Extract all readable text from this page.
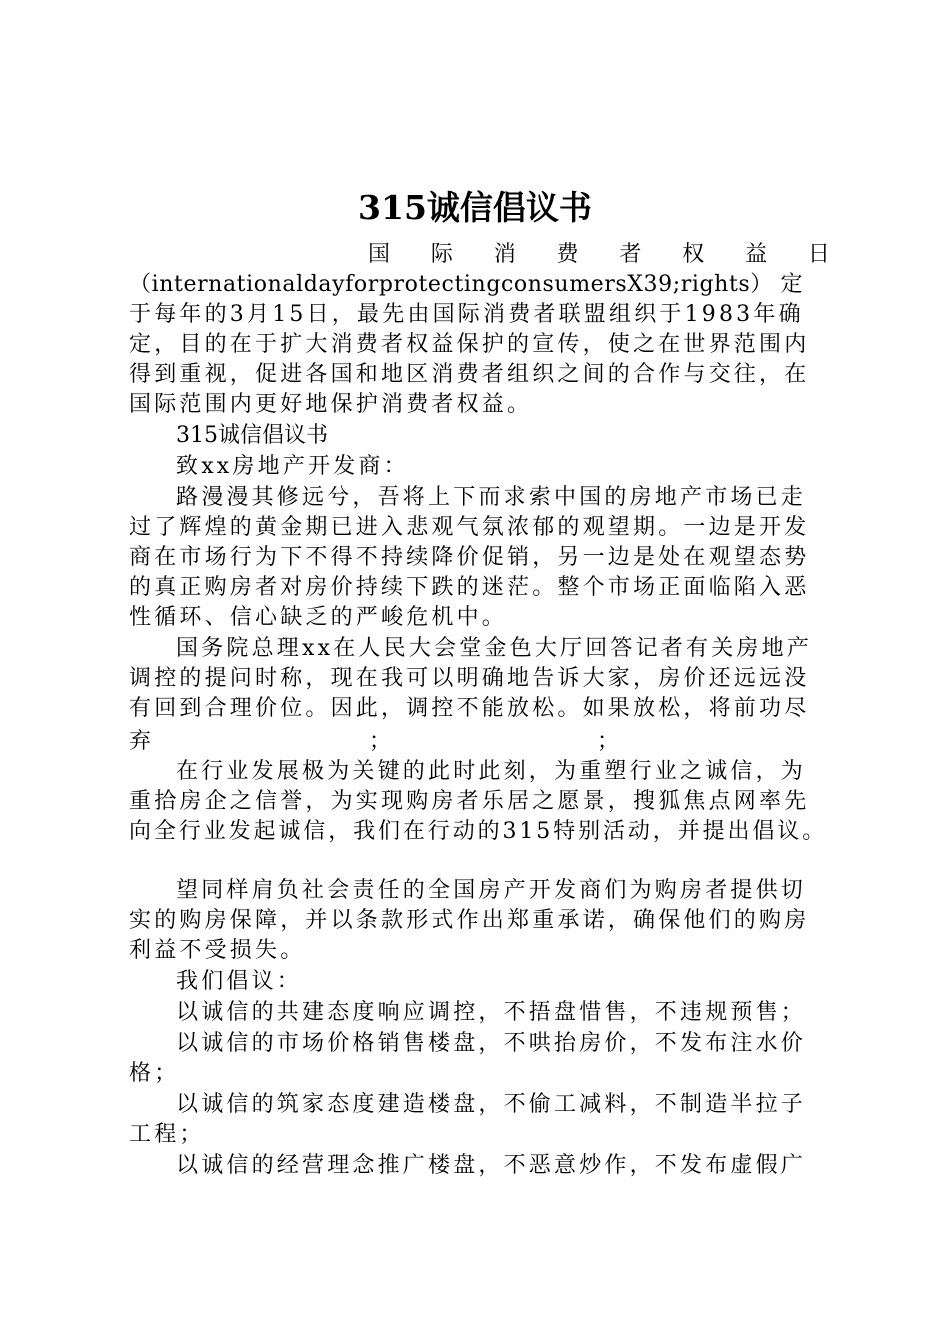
315诚信倡议书
国 际 消 费 者 权 益 日
（internationaldayforprotectingconsumersX39;rights） 定
于每年的3月15日，最先由国际消费者联盟组织于1983年确
定，目的在于扩大消费者权益保护的宣传，使之在世界范围内
得到重视，促进各国和地区消费者组织之间的合作与交往，在
国际范围内更好地保护消费者权益。
315诚信倡议书
致xx房地产开发商：
路漫漫其修远兮，吾将上下而求索中国的房地产市场已走
过了辉煌的黄金期已进入悲观气氛浓郁的观望期。一边是开发
商在市场行为下不得不持续降价促销，另一边是处在观望态势
的真正购房者对房价持续下跌的迷茫。整个市场正面临陷入恶
性循环、信心缺乏的严峻危机中。
国务院总理xx在人民大会堂金色大厅回答记者有关房地产
调控的提问时称，现在我可以明确地告诉大家，房价还远远没
有回到合理价位。因此，调控不能放松。如果放松，将前功尽
弃	；	；
在行业发展极为关键的此时此刻，为重塑行业之诚信，为
重拾房企之信誉，为实现购房者乐居之愿景，搜狐焦点网率先
向全行业发起诚信，我们在行动的315特别活动，并提出倡议。
望同样肩负社会责任的全国房产开发商们为购房者提供切
实的购房保障，并以条款形式作出郑重承诺，确保他们的购房
利益不受损失。
我们倡议：
以诚信的共建态度响应调控，不捂盘惜售，不违规预售；
以诚信的市场价格销售楼盘，不哄抬房价，不发布注水价
格；
以诚信的筑家态度建造楼盘，不偷工减料，不制造半拉子
工程；
以诚信的经营理念推广楼盘，不恶意炒作，不发布虚假广
